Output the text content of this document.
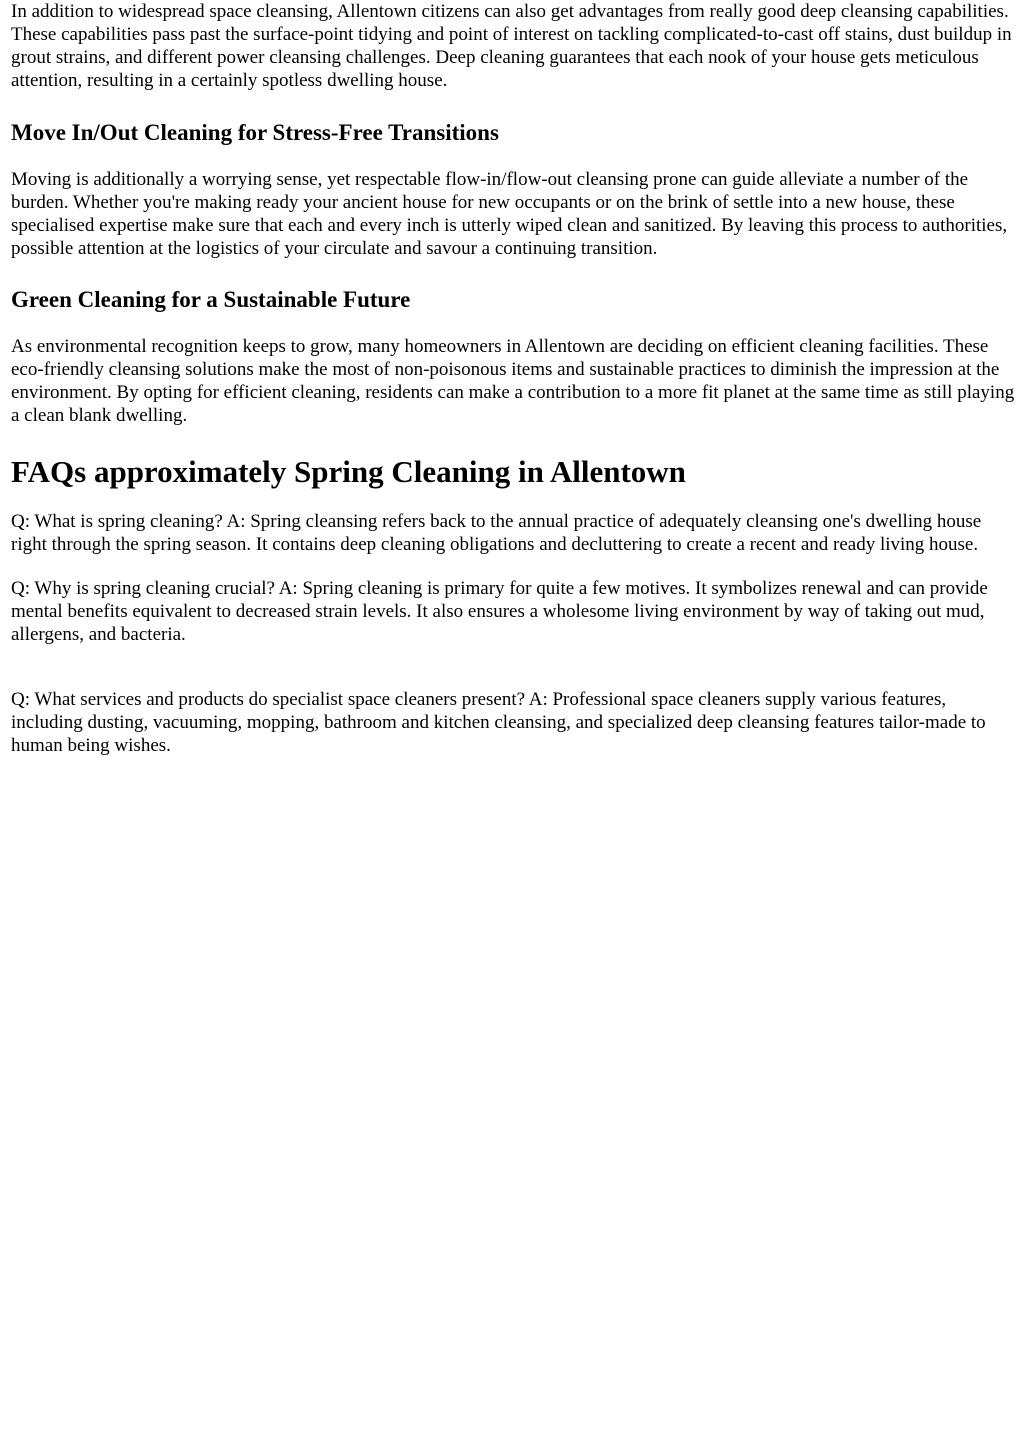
In addition to widespread space cleansing, Allentown citizens can also get advantages from really good deep cleansing capabilities. These capabilities pass past the surface-point tidying and point of interest on tackling complicated-to-cast off stains, dust buildup in grout strains, and different power cleansing challenges. Deep cleaning guarantees that each nook of your house gets meticulous attention, resulting in a certainly spotless dwelling house.

Move In/Out Cleaning for Stress-Free Transitions

Moving is additionally a worrying sense, yet respectable flow-in/flow-out cleansing prone can guide alleviate a number of the burden. Whether you're making ready your ancient house for new occupants or on the brink of settle into a new house, these specialised expertise make sure that each and every inch is utterly wiped clean and sanitized. By leaving this process to authorities, possible attention at the logistics of your circulate and savour a continuing transition.

Green Cleaning for a Sustainable Future

As environmental recognition keeps to grow, many homeowners in Allentown are deciding on efficient cleaning facilities. These eco-friendly cleansing solutions make the most of non-poisonous items and sustainable practices to diminish the impression at the environment. By opting for efficient cleaning, residents can make a contribution to a more fit planet at the same time as still playing a clean blank dwelling.

FAQs approximately Spring Cleaning in Allentown

Q: What is spring cleaning? A: Spring cleansing refers back to the annual practice of adequately cleansing one's dwelling house right through the spring season. It contains deep cleaning obligations and decluttering to create a recent and ready living house.

Q: Why is spring cleaning crucial? A: Spring cleaning is primary for quite a few motives. It symbolizes renewal and can provide mental benefits equivalent to decreased strain levels. It also ensures a wholesome living environment by way of taking out mud, allergens, and bacteria.

Q: What services and products do specialist space cleaners present? A: Professional space cleaners supply various features, including dusting, vacuuming, mopping, bathroom and kitchen cleansing, and specialized deep cleansing features tailor-made to human being wishes.
